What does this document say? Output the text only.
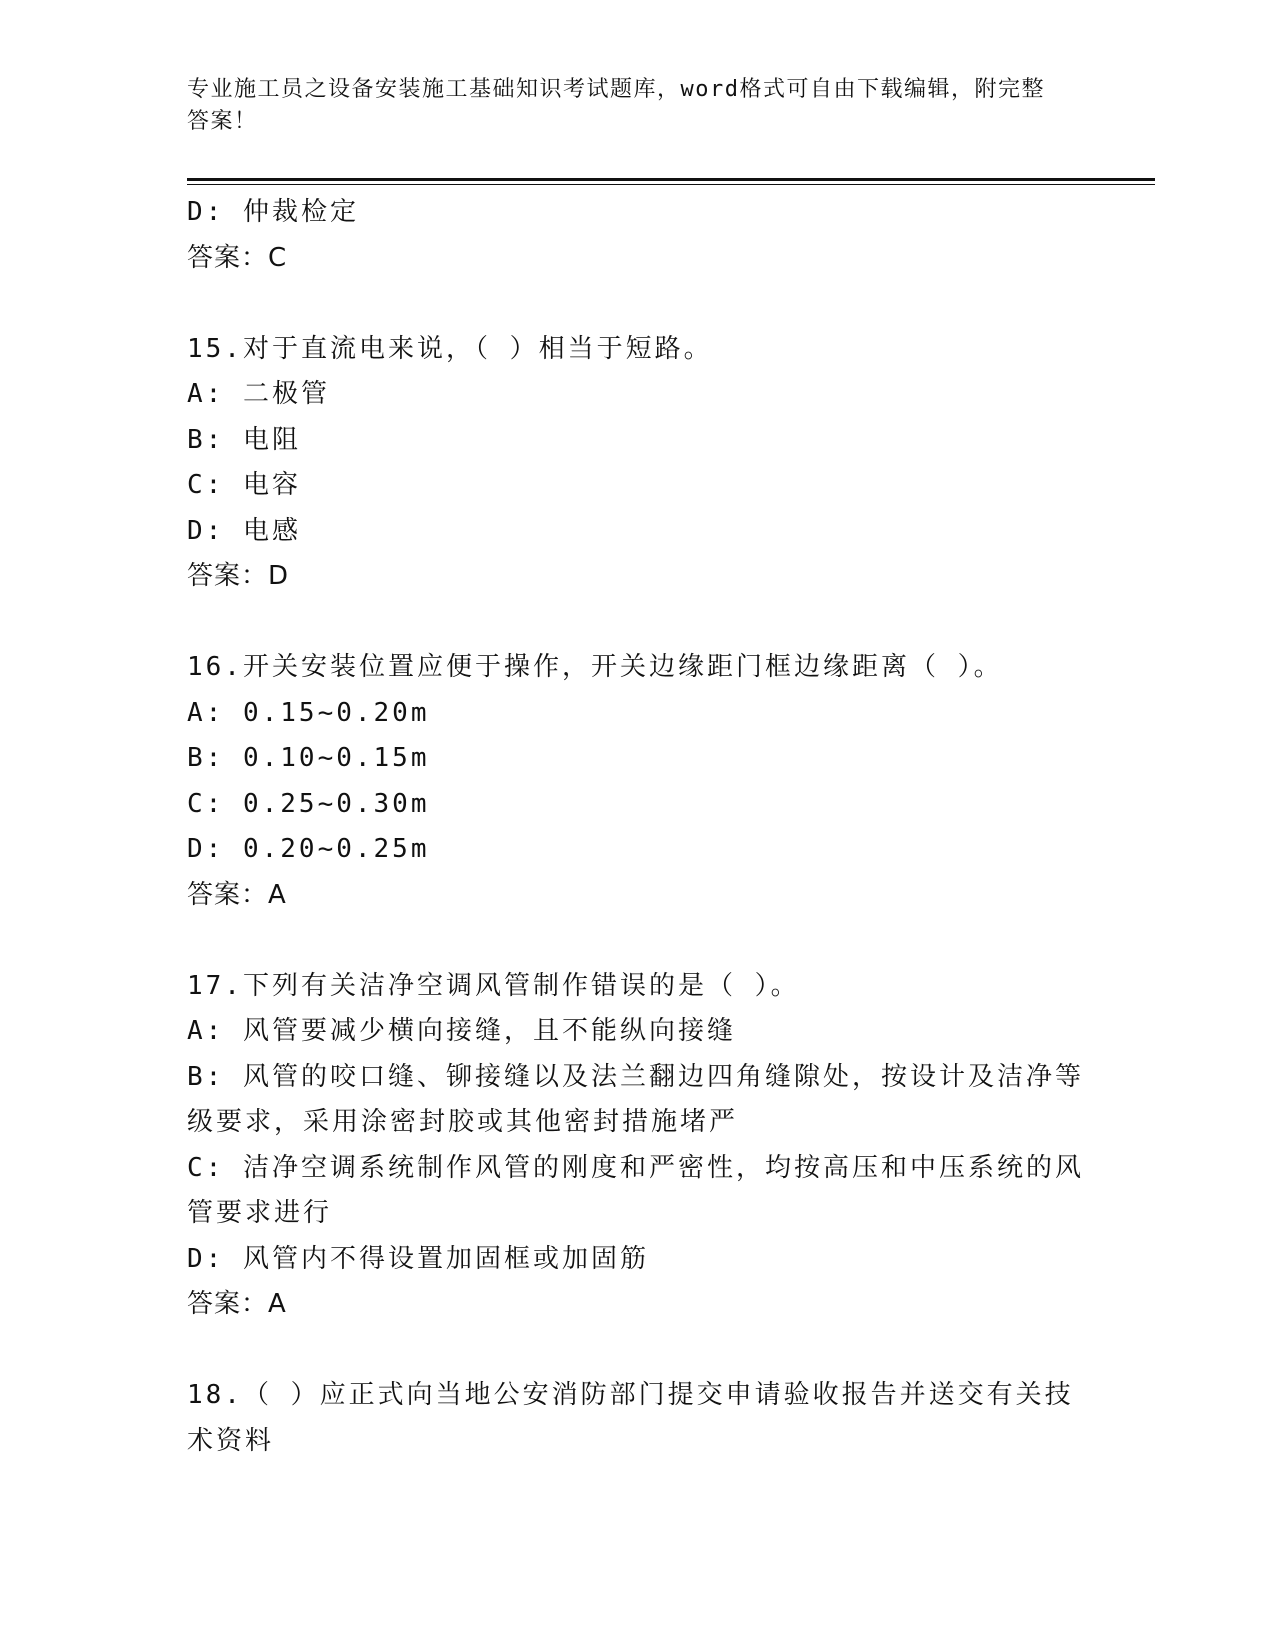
专业施工员之设备安装施工基础知识考试题库，word格式可自由下载编辑，附完整答案！
D: 仲裁检定
答案：C
15.对于直流电来说，（ ）相当于短路。
A: 二极管
B: 电阻
C: 电容
D: 电感
答案：D
16.开关安装位置应便于操作，开关边缘距门框边缘距离（ ）。
A: 0.15~0.20m
B: 0.10~0.15m
C: 0.25~0.30m
D: 0.20~0.25m
答案：A
17.下列有关洁净空调风管制作错误的是（ ）。
A: 风管要减少横向接缝，且不能纵向接缝
B: 风管的咬口缝、铆接缝以及法兰翻边四角缝隙处，按设计及洁净等级要求，采用涂密封胶或其他密封措施堵严
C: 洁净空调系统制作风管的刚度和严密性，均按高压和中压系统的风管要求进行
D: 风管内不得设置加固框或加固筋
答案：A
18.（ ）应正式向当地公安消防部门提交申请验收报告并送交有关技术资料
